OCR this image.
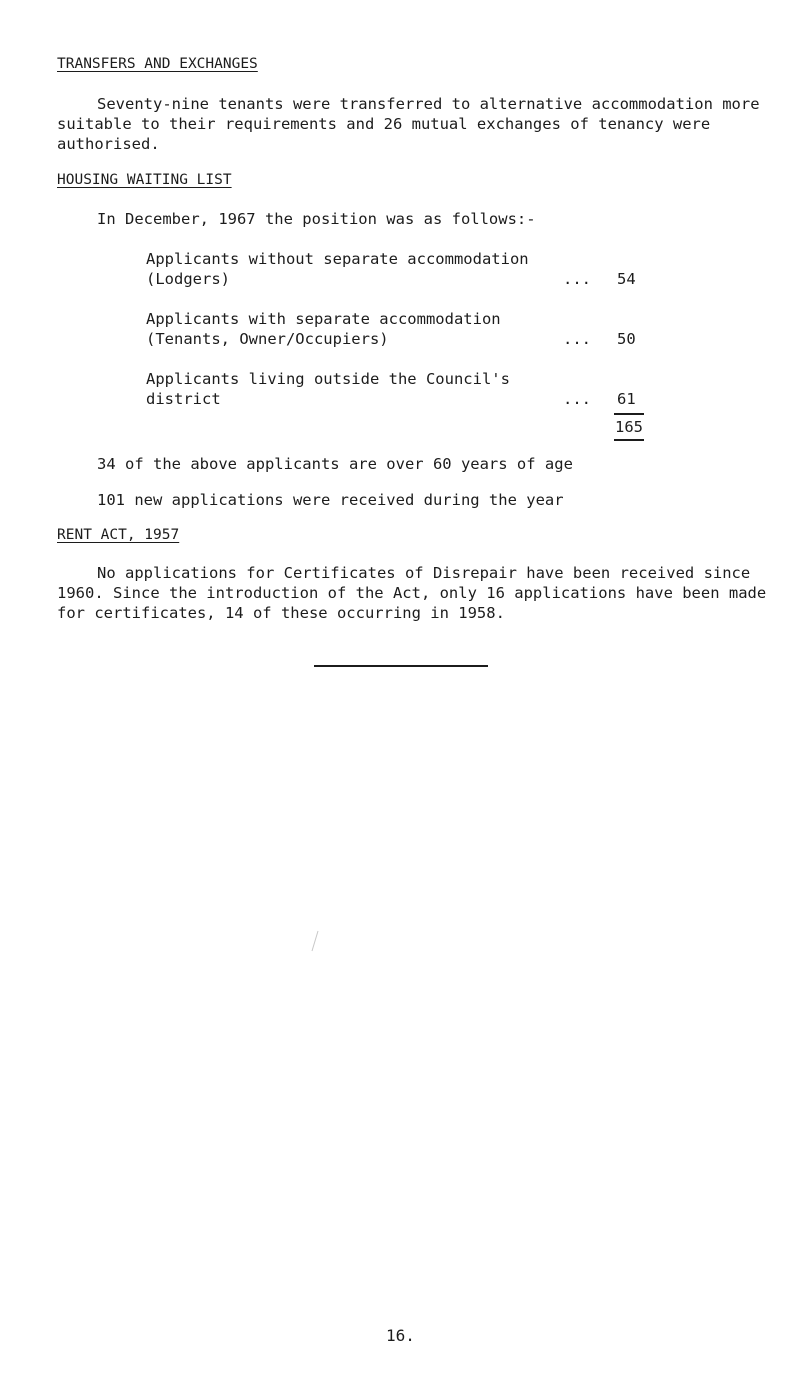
TRANSFERS AND EXCHANGES
Seventy-nine tenants were transferred to alternative accommodation more
suitable to their requirements and 26 mutual exchanges of tenancy were
authorised.
HOUSING WAITING LIST
In December, 1967 the position was as follows:-
Applicants without separate accommodation
(Lodgers)	... 54
Applicants with separate accommodation
(Tenants, Owner/Occupiers)	... 50
Applicants living outside the Council's
district	... 61
165
34 of the above applicants are over 60 years of age
101 new applications were received during the year
RENT ACT, 1957
No applications for Certificates of Disrepair have been received since
1960. Since the introduction of the Act, only 16 applications have been made
for certificates, 14 of these occurring in 1958.
16.
